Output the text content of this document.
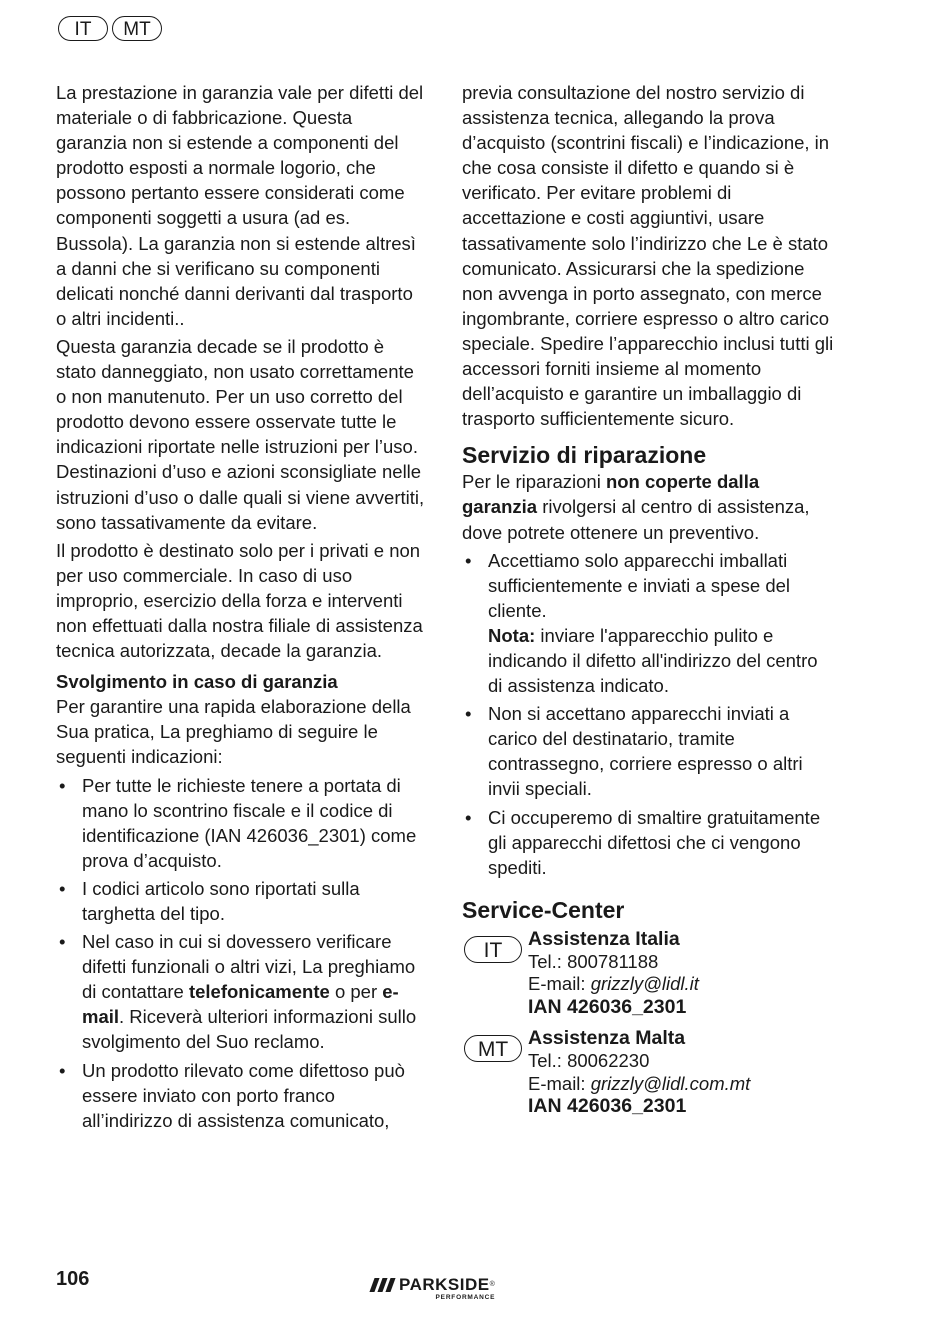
IT	MT

La prestazione in garanzia vale per difetti del materiale o di fabbricazione. Questa garanzia non si estende a componenti del prodotto esposti a normale logorio, che possono pertanto essere considerati come componenti soggetti a usura (ad es. Bussola). La garanzia non si estende altresì a danni che si verificano su componenti delicati nonché danni derivanti dal trasporto o altri incidenti..

Questa garanzia decade se il prodotto è stato danneggiato, non usato correttamente o non manutenuto. Per un uso corretto del prodotto devono essere osservate tutte le indicazioni riportate nelle istruzioni per l’uso. Destinazioni d’uso e azioni sconsigliate nelle istruzioni d’uso o dalle quali si viene avvertiti, sono tassativamente da evitare.

Il prodotto è destinato solo per i privati e non per uso commerciale. In caso di uso improprio, esercizio della forza e interventi non effettuati dalla nostra filiale di assistenza tecnica autorizzata, decade la garanzia.

Svolgimento in caso di garanzia

Per garantire una rapida elaborazione della Sua pratica, La preghiamo di seguire le seguenti indicazioni:

• Per tutte le richieste tenere a portata di mano lo scontrino fiscale e il codice di identificazione (IAN 426036_2301) come prova d’acquisto.
• I codici articolo sono riportati sulla targhetta del tipo.
• Nel caso in cui si dovessero verificare difetti funzionali o altri vizi, La preghiamo di contattare telefonicamente o per e-mail. Riceverà ulteriori informazioni sullo svolgimento del Suo reclamo.
• Un prodotto rilevato come difettoso può essere inviato con porto franco all’indirizzo di assistenza comunicato,

previa consultazione del nostro servizio di assistenza tecnica, allegando la prova d’acquisto (scontrini fiscali) e l’indicazione, in che cosa consiste il difetto e quando si è verificato. Per evitare problemi di accettazione e costi aggiuntivi, usare tassativamente solo l’indirizzo che Le è stato comunicato. Assicurarsi che la spedizione non avvenga in porto assegnato, con merce ingombrante, corriere espresso o altro carico speciale. Spedire l’apparecchio inclusi tutti gli accessori forniti insieme al momento dell’acquisto e garantire un imballaggio di trasporto sufficientemente sicuro.

Servizio di riparazione

Per le riparazioni non coperte dalla garanzia rivolgersi al centro di assistenza, dove potrete ottenere un preventivo.

• Accettiamo solo apparecchi imballati sufficientemente e inviati a spese del cliente.
Nota: inviare l'apparecchio pulito e indicando il difetto all'indirizzo del centro di assistenza indicato.
• Non si accettano apparecchi inviati a carico del destinatario, tramite contrassegno, corriere espresso o altri invii speciali.
• Ci occuperemo di smaltire gratuitamente gli apparecchi difettosi che ci vengono spediti.
Service-Center
IT	Assistenza Italia
Tel.: 800781188
E-mail: grizzly@lidl.it
IAN 426036_2301
MT	Assistenza Malta
Tel.: 80062230
E-mail: grizzly@lidl.com.mt
IAN 426036_2301
106	PARKSIDE®
PERFORMANCE
